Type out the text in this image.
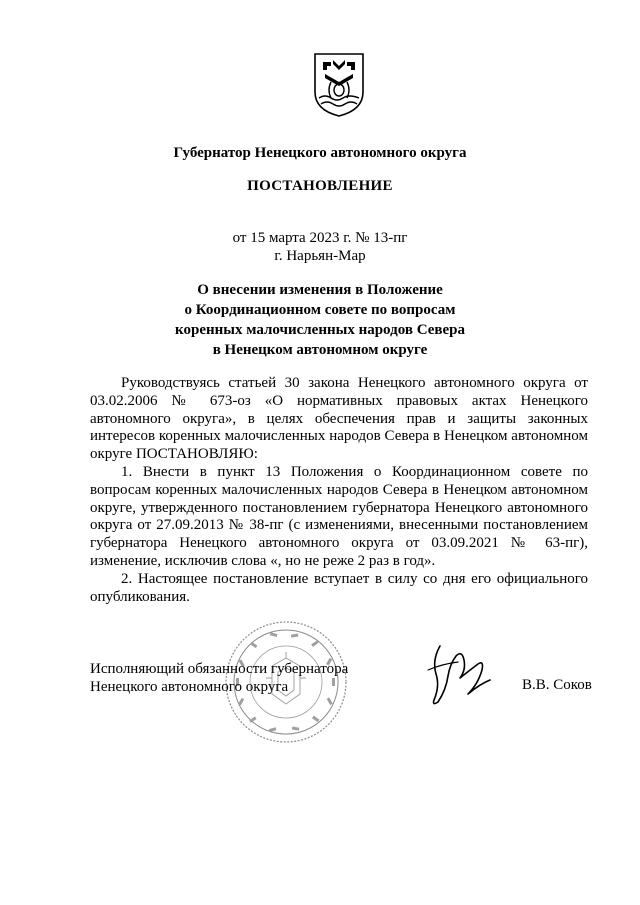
Губернатор Ненецкого автономного округа
ПОСТАНОВЛЕНИЕ
от 15 марта 2023 г. № 13-пг
г. Нарьян-Мар
О внесении изменения в Положение
о Координационном совете по вопросам
коренных малочисленных народов Севера
в Ненецком автономном округе

Руководствуясь статьей 30 закона Ненецкого автономного округа от 03.02.2006 № 673-оз «О нормативных правовых актах Ненецкого автономного округа», в целях обеспечения прав и защиты законных интересов коренных малочисленных народов Севера в Ненецком автономном округе ПОСТАНОВЛЯЮ:

1. Внести в пункт 13 Положения о Координационном совете по вопросам коренных малочисленных народов Севера в Ненецком автономном округе, утвержденного постановлением губернатора Ненецкого автономного округа от 27.09.2013 № 38-пг (с изменениями, внесенными постановлением губернатора Ненецкого автономного округа от 03.09.2021 № 63-пг), изменение, исключив слова «, но не реже 2 раз в год».

2. Настоящее постановление вступает в силу со дня его официального опубликования.

Исполняющий обязанности губернатора
Ненецкого автономного округа	В.В. Соков
